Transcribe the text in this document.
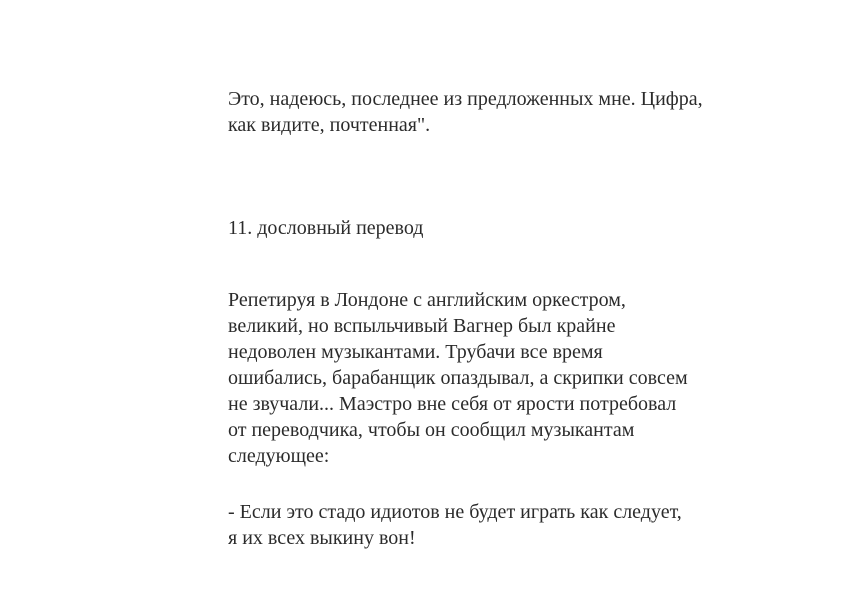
Это, надеюсь, последнее из предложенных мне. Цифра,
как видите, почтенная".

11. дословный перевод

Репетируя в Лондоне с английским оркестром,
великий, но вспыльчивый Вагнер был крайне
недоволен музыкантами. Трубачи все время
ошибались, барабанщик опаздывал, а скрипки совсем
не звучали... Маэстро вне себя от ярости потребовал
от переводчика, чтобы он сообщил музыкантам
следующее:

- Если это стадо идиотов не будет играть как следует,
я их всех выкину вон!
